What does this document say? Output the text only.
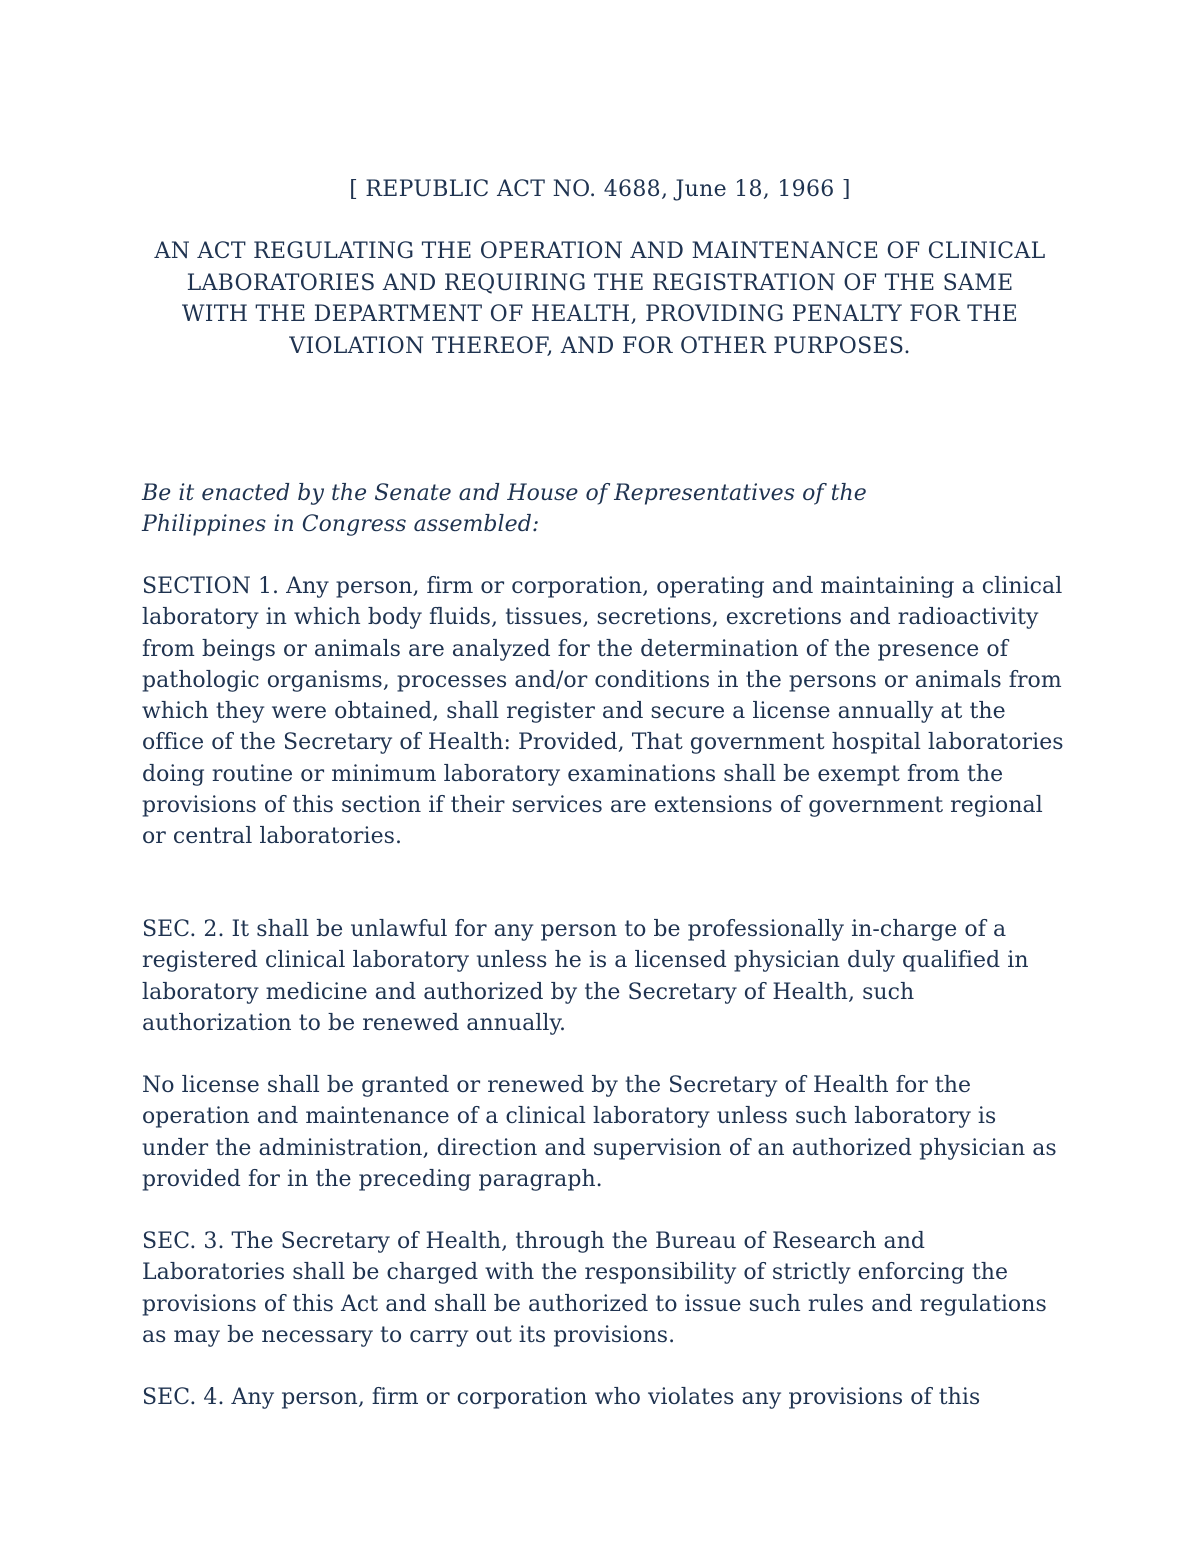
[ REPUBLIC ACT NO. 4688, June 18, 1966 ]
AN ACT REGULATING THE OPERATION AND MAINTENANCE OF CLINICAL LABORATORIES AND REQUIRING THE REGISTRATION OF THE SAME WITH THE DEPARTMENT OF HEALTH, PROVIDING PENALTY FOR THE VIOLATION THEREOF, AND FOR OTHER PURPOSES.

Be it enacted by the Senate and House of Representatives of the Philippines in Congress assembled:

SECTION 1. Any person, firm or corporation, operating and maintaining a clinical laboratory in which body fluids, tissues, secretions, excretions and radioactivity from beings or animals are analyzed for the determination of the presence of pathologic organisms, processes and/or conditions in the persons or animals from which they were obtained, shall register and secure a license annually at the office of the Secretary of Health: Provided, That government hospital laboratories doing routine or minimum laboratory examinations shall be exempt from the provisions of this section if their services are extensions of government regional or central laboratories.

SEC. 2. It shall be unlawful for any person to be professionally in-charge of a registered clinical laboratory unless he is a licensed physician duly qualified in laboratory medicine and authorized by the Secretary of Health, such authorization to be renewed annually.

No license shall be granted or renewed by the Secretary of Health for the operation and maintenance of a clinical laboratory unless such laboratory is under the administration, direction and supervision of an authorized physician as provided for in the preceding paragraph.

SEC. 3. The Secretary of Health, through the Bureau of Research and Laboratories shall be charged with the responsibility of strictly enforcing the provisions of this Act and shall be authorized to issue such rules and regulations as may be necessary to carry out its provisions.

SEC. 4. Any person, firm or corporation who violates any provisions of this
